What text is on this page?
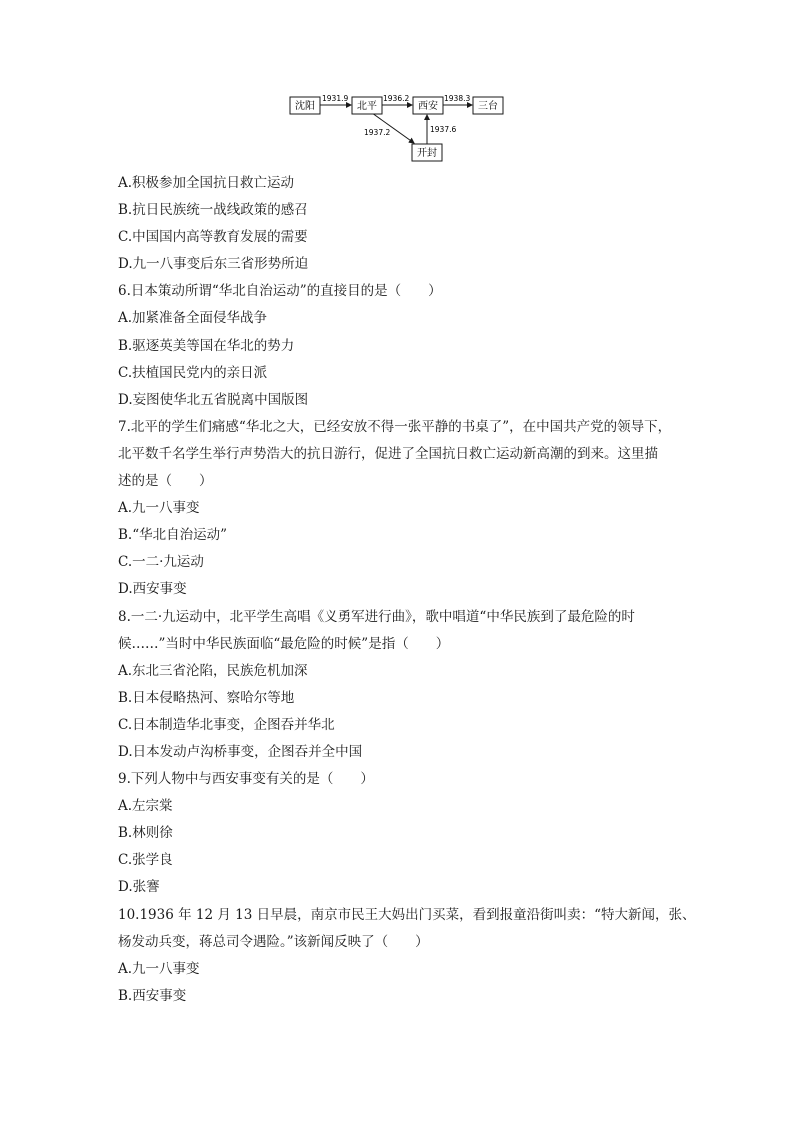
1931.9	1936.2	1938.3
1937.2	1937.6
沈阳	北平	西安	三台
开封
A.积极参加全国抗日救亡运动
B.抗日民族统一战线政策的感召
C.中国国内高等教育发展的需要
D.九一八事变后东三省形势所迫
6.日本策动所谓“华北自治运动”的直接目的是（　　）
A.加紧准备全面侵华战争
B.驱逐英美等国在华北的势力
C.扶植国民党内的亲日派
D.妄图使华北五省脱离中国版图
7.北平的学生们痛感“华北之大，已经安放不得一张平静的书桌了”，在中国共产党的领导下，
北平数千名学生举行声势浩大的抗日游行，促进了全国抗日救亡运动新高潮的到来。这里描
述的是（　　）
A.九一八事变
B.“华北自治运动”
C.一二·九运动
D.西安事变
8.一二·九运动中，北平学生高唱《义勇军进行曲》，歌中唱道“中华民族到了最危险的时
候……”当时中华民族面临“最危险的时候”是指（　　）
A.东北三省沦陷，民族危机加深
B.日本侵略热河、察哈尔等地
C.日本制造华北事变，企图吞并华北
D.日本发动卢沟桥事变，企图吞并全中国
9.下列人物中与西安事变有关的是（　　）
A.左宗棠
B.林则徐
C.张学良
D.张謇
10.1936 年 12 月 13 日早晨，南京市民王大妈出门买菜，看到报童沿街叫卖：“特大新闻，张、
杨发动兵变，蒋总司令遇险。”该新闻反映了（　　）
A.九一八事变
B.西安事变
